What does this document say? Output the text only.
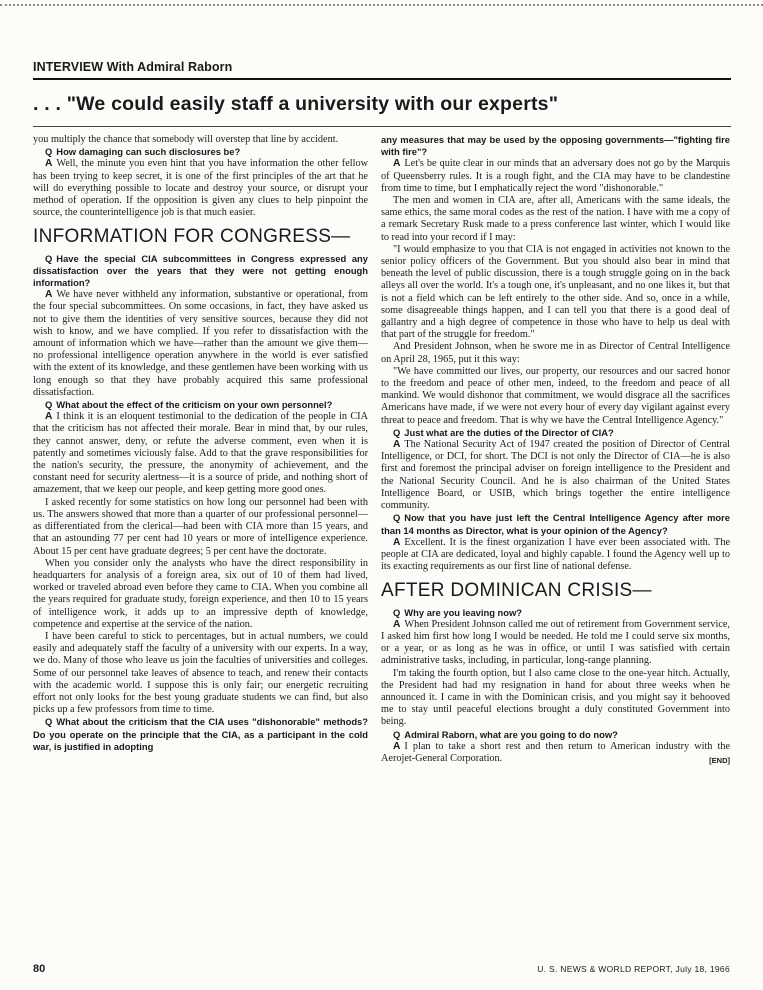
INTERVIEW With Admiral Raborn
. . . "We could easily staff a university with our experts"

you multiply the chance that somebody will overstep that line by accident.

Q How damaging can such disclosures be?

A Well, the minute you even hint that you have information the other fellow has been trying to keep secret, it is one of the first principles of the art that he will do everything possible to locate and destroy your source, or disrupt your method of operation. If the opposition is given any clues to help pinpoint the source, the counterintelligence job is that much easier.

INFORMATION FOR CONGRESS—

Q Have the special CIA subcommittees in Congress expressed any dissatisfaction over the years that they were not getting enough information?

A We have never withheld any information, substantive or operational, from the four special subcommittees. On some occasions, in fact, they have asked us not to give them the identities of very sensitive sources, because they did not wish to know, and we have complied. If you refer to dissatisfaction with the amount of information which we have—rather than the amount we give them—no professional intelligence operation anywhere in the world is ever satisfied with the extent of its knowledge, and these gentlemen have been working with us long enough so that they have probably acquired this same professional dissatisfaction.

Q What about the effect of the criticism on your own personnel?

A I think it is an eloquent testimonial to the dedication of the people in CIA that the criticism has not affected their morale. Bear in mind that, by our rules, they cannot answer, deny, or refute the adverse comment, even when it is patently and sometimes viciously false. Add to that the grave responsibilities for the nation's security, the pressure, the anonymity of achievement, and the constant need for security alertness—it is a source of pride, and nothing short of amazement, that we keep our people, and keep getting more good ones.

I asked recently for some statistics on how long our personnel had been with us. The answers showed that more than a quarter of our professional personnel—as differentiated from the clerical—had been with CIA more than 15 years, and that an astounding 77 per cent had 10 years or more of intelligence experience. About 15 per cent have graduate degrees; 5 per cent have the doctorate.

When you consider only the analysts who have the direct responsibility in headquarters for analysis of a foreign area, six out of 10 of them had lived, worked or traveled abroad even before they came to CIA. When you combine all the years required for graduate study, foreign experience, and then 10 to 15 years of intelligence work, it adds up to an impressive depth of knowledge, competence and expertise at the service of the nation.

I have been careful to stick to percentages, but in actual numbers, we could easily and adequately staff the faculty of a university with our experts. In a way, we do. Many of those who leave us join the faculties of universities and colleges. Some of our personnel take leaves of absence to teach, and renew their contacts with the academic world. I suppose this is only fair; our energetic recruiting effort not only looks for the best young graduate students we can find, but also picks up a few professors from time to time.

Q What about the criticism that the CIA uses "dishonorable" methods? Do you operate on the principle that the CIA, as a participant in the cold war, is justified in adopting

any measures that may be used by the opposing governments—"fighting fire with fire"?

A Let's be quite clear in our minds that an adversary does not go by the Marquis of Queensberry rules. It is a rough fight, and the CIA may have to be clandestine from time to time, but I emphatically reject the word "dishonorable."

The men and women in CIA are, after all, Americans with the same ideals, the same ethics, the same moral codes as the rest of the nation. I have with me a copy of a remark Secretary Rusk made to a press conference last winter, which I would like to read into your record if I may:

"I would emphasize to you that CIA is not engaged in activities not known to the senior policy officers of the Government. But you should also bear in mind that beneath the level of public discussion, there is a tough struggle going on in the back alleys all over the world. It's a tough one, it's unpleasant, and no one likes it, but that is not a field which can be left entirely to the other side. And so, once in a while, some disagreeable things happen, and I can tell you that there is a good deal of gallantry and a high degree of competence in those who have to help us deal with that part of the struggle for freedom."

And President Johnson, when he swore me in as Director of Central Intelligence on April 28, 1965, put it this way:

"We have committed our lives, our property, our resources and our sacred honor to the freedom and peace of other men, indeed, to the freedom and peace of all mankind. We would dishonor that commitment, we would disgrace all the sacrifices Americans have made, if we were not every hour of every day vigilant against every threat to peace and freedom. That is why we have the Central Intelligence Agency."

Q Just what are the duties of the Director of CIA?

A The National Security Act of 1947 created the position of Director of Central Intelligence, or DCI, for short. The DCI is not only the Director of CIA—he is also first and foremost the principal adviser on foreign intelligence to the President and the National Security Council. And he is also chairman of the United States Intelligence Board, or USIB, which brings together the entire intelligence community.

Q Now that you have just left the Central Intelligence Agency after more than 14 months as Director, what is your opinion of the Agency?

A Excellent. It is the finest organization I have ever been associated with. The people at CIA are dedicated, loyal and highly capable. I found the Agency well up to its exacting requirements as our first line of national defense.

AFTER DOMINICAN CRISIS—

Q Why are you leaving now?

A When President Johnson called me out of retirement from Government service, I asked him first how long I would be needed. He told me I could serve six months, or a year, or as long as he was in office, or until I was satisfied with certain administrative tasks, including, in particular, long-range planning.

I'm taking the fourth option, but I also came close to the one-year hitch. Actually, the President had had my resignation in hand for about three weeks when he announced it. I came in with the Dominican crisis, and you might say it behooved me to stay until peaceful elections brought a duly constituted Government into being.

Q Admiral Raborn, what are you going to do now?

A I plan to take a short rest and then return to American industry with the Aerojet-General Corporation.	[END]

80	U. S. NEWS & WORLD REPORT, July 18, 1966
